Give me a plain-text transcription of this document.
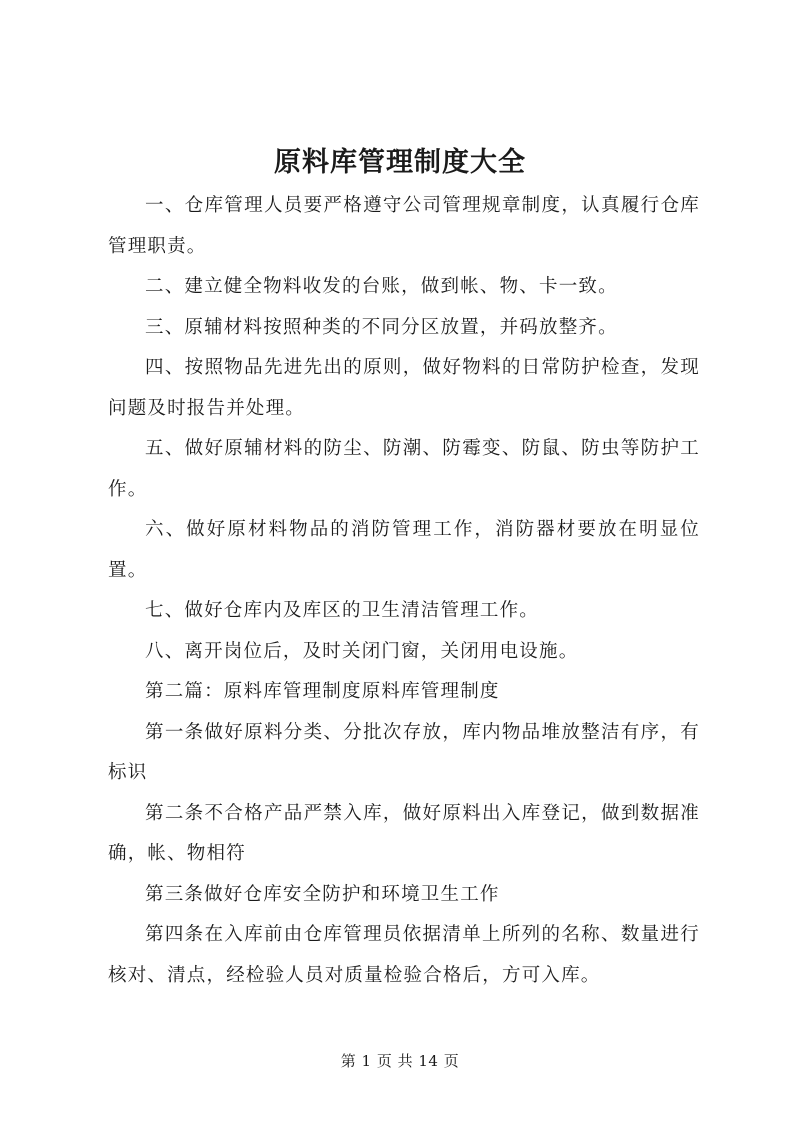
原料库管理制度大全

一、仓库管理人员要严格遵守公司管理规章制度，认真履行仓库管理职责。

二、建立健全物料收发的台账，做到帐、物、卡一致。

三、原辅材料按照种类的不同分区放置，并码放整齐。

四、按照物品先进先出的原则，做好物料的日常防护检查，发现问题及时报告并处理。

五、做好原辅材料的防尘、防潮、防霉变、防鼠、防虫等防护工作。

六、做好原材料物品的消防管理工作，消防器材要放在明显位置。

七、做好仓库内及库区的卫生清洁管理工作。

八、离开岗位后，及时关闭门窗，关闭用电设施。

第二篇：原料库管理制度原料库管理制度

第一条做好原料分类、分批次存放，库内物品堆放整洁有序，有标识

第二条不合格产品严禁入库，做好原料出入库登记，做到数据准确，帐、物相符

第三条做好仓库安全防护和环境卫生工作

第四条在入库前由仓库管理员依据清单上所列的名称、数量进行核对、清点，经检验人员对质量检验合格后，方可入库。

第 1 页 共 14 页
